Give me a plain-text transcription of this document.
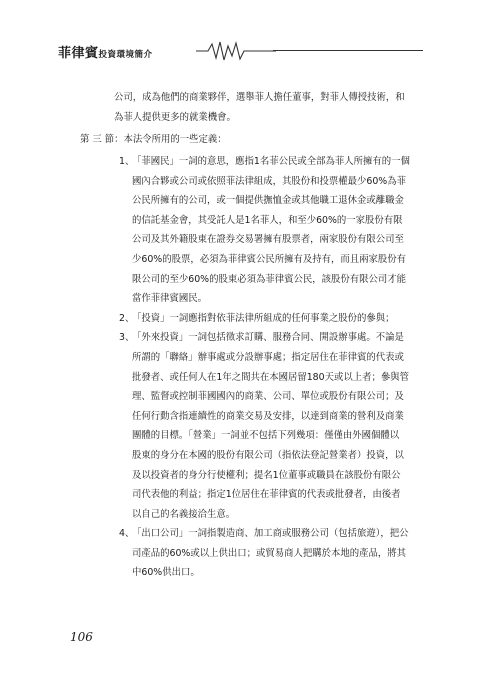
菲律賓投資環境簡介
公司，成為他們的商業夥伴，選舉菲人擔任董事，對菲人傳授技術，和
為菲人提供更多的就業機會。
第 三 節：本法令所用的一些定義：
1、
「菲國民」一詞的意思，應指1名菲公民或全部為菲人所擁有的一個
國內合夥或公司或依照菲法律組成，其股份和投票權最少60%為菲
公民所擁有的公司，或一個提供撫恤金或其他職工退休金或離職金
的信託基金會，其受託人是1名菲人，和至少60%的一家股份有限
公司及其外籍股東在證券交易署擁有股票者，兩家股份有限公司至
少60%的股票，必須為菲律賓公民所擁有及持有，而且兩家股份有
限公司的至少60%的股東必須為菲律賓公民，該股份有限公司才能
當作菲律賓國民。
2、
「投資」一詞應指對依菲法律所組成的任何事業之股份的參與；
3、
「外來投資」一詞包括徵求訂購、服務合同、開設辦事處。不論是
所謂的「聯絡」辦事處或分設辦事處；指定居住在菲律賓的代表或
批發者、或任何人在1年之間共在本國居留180天或以上者；參與管
理、監督或控制菲國國內的商業、公司、單位或股份有限公司；及
任何行動含指連續性的商業交易及安排，以達到商業的營利及商業
團體的目標。「營業」一詞並不包括下列幾項：僅僅由外國個體以
股東的身分在本國的股份有限公司（指依法登記營業者）投資，以
及以投資者的身分行使權利；提名1位董事或職員在該股份有限公
司代表他的利益；指定1位居住在菲律賓的代表或批發者，由後者
以自己的名義接洽生意。
4、
「出口公司」一詞指製造商、加工商或服務公司（包括旅遊），把公
司產品的60%或以上供出口；或貿易商人把購於本地的產品，將其
中60%供出口。
106
